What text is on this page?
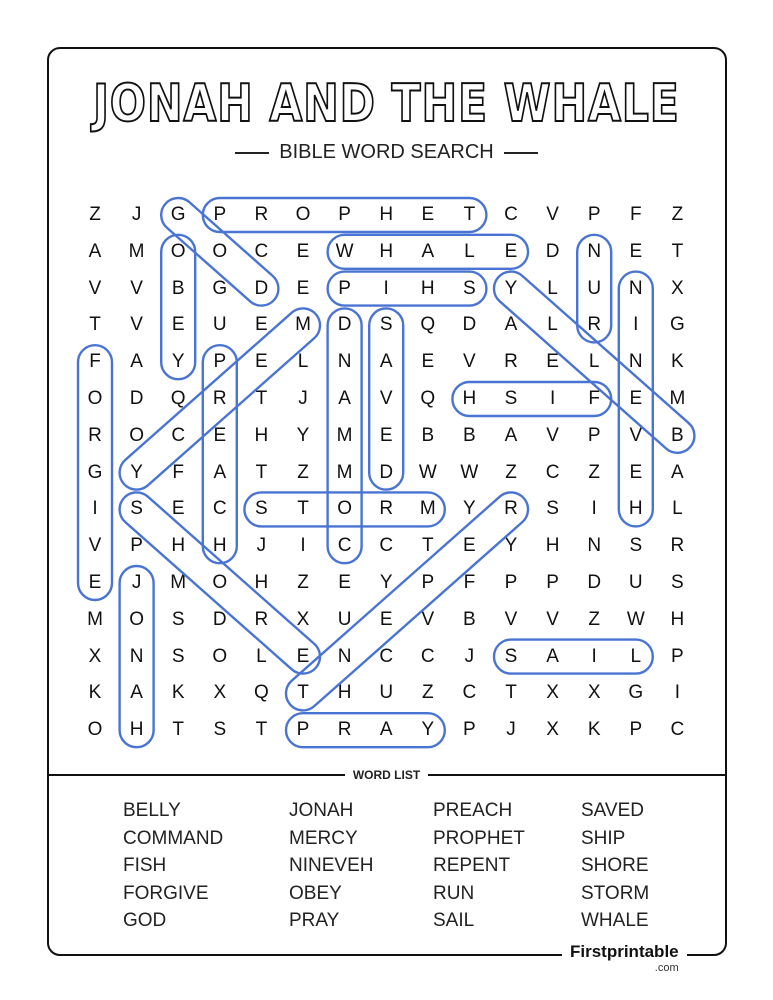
JONAH AND THE WHALE
BIBLE WORD SEARCH
Z	J	G	P	R	O	P	H	E	T	C	V	P	F	Z
A	M	O	O	C	E	W	H	A	L	E	D	N	E	T
V	V	B	G	D	E	P	I	H	S	Y	L	U	N	X
T	V	E	U	E	M	D	S	Q	D	A	L	R	I	G
F	A	Y	P	E	L	N	A	E	V	R	E	L	N	K
O	D	Q	R	T	J	A	V	Q	H	S	I	F	E	M
R	O	C	E	H	Y	M	E	B	B	A	V	P	V	B
G	Y	F	A	T	Z	M	D	W	W	Z	C	Z	E	A
I	S	E	C	S	T	O	R	M	Y	R	S	I	H	L
V	P	H	H	J	I	C	C	T	E	Y	H	N	S	R
E	J	M	O	H	Z	E	Y	P	F	P	P	D	U	S
M	O	S	D	R	X	U	E	V	B	V	V	Z	W	H
X	N	S	O	L	E	N	C	C	J	S	A	I	L	P
K	A	K	X	Q	T	H	U	Z	C	T	X	X	G	I
O	H	T	S	T	P	R	A	Y	P	J	X	K	P	C
WORD LIST
BELLY
COMMAND
FISH
FORGIVE
GOD
JONAH
MERCY
NINEVEH
OBEY
PRAY
PREACH
PROPHET
REPENT
RUN
SAIL
SAVED
SHIP
SHORE
STORM
WHALE
Firstprintable
.com
